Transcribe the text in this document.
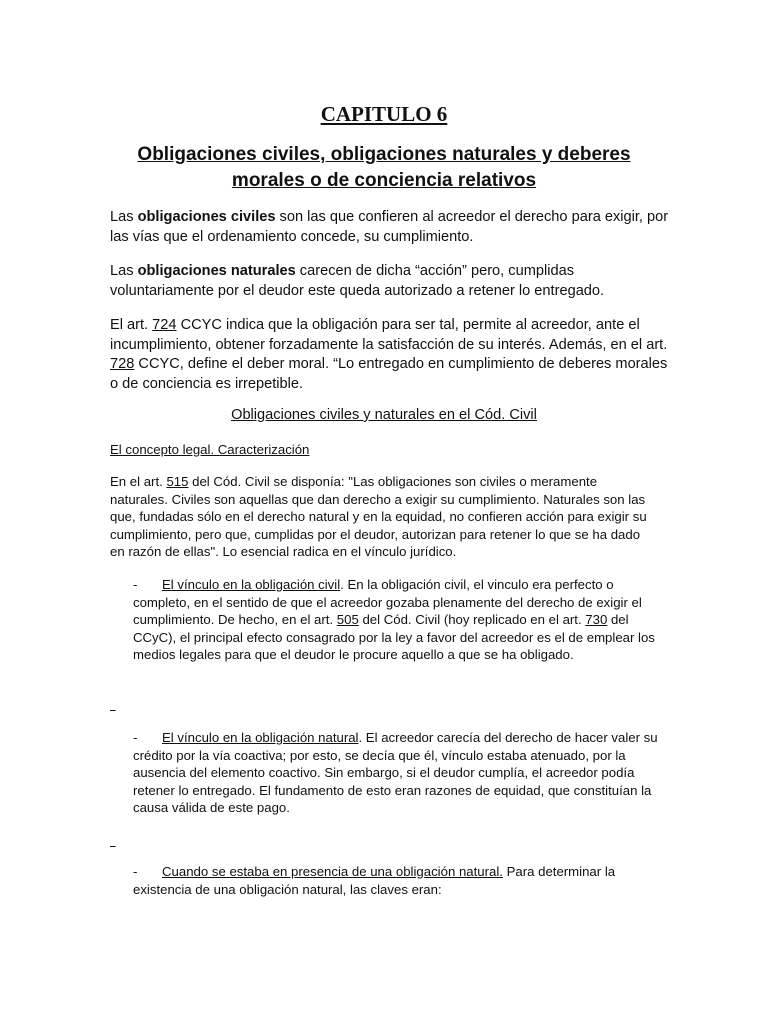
CAPITULO 6
Obligaciones civiles, obligaciones naturales y deberes morales o de conciencia relativos

Las obligaciones civiles son las que confieren al acreedor el derecho para exigir, por las vías que el ordenamiento concede, su cumplimiento.

Las obligaciones naturales carecen de dicha “acción” pero, cumplidas voluntariamente por el deudor este queda autorizado a retener lo entregado.

El art. 724 CCYC indica que la obligación para ser tal, permite al acreedor, ante el incumplimiento, obtener forzadamente la satisfacción de su interés. Además, en el art. 728 CCYC, define el deber moral. “Lo entregado en cumplimiento de deberes morales o de conciencia es irrepetible.

Obligaciones civiles y naturales en el Cód. Civil

El concepto legal. Caracterización

En el art. 515 del Cód. Civil se disponía: "Las obligaciones son civiles o meramente naturales. Civiles son aquellas que dan derecho a exigir su cumplimiento. Naturales son las que, fundadas sólo en el derecho natural y en la equidad, no confieren acción para exigir su cumplimiento, pero que, cumplidas por el deudor, autorizan para retener lo que se ha dado en razón de ellas". Lo esencial radica en el vínculo jurídico.

- El vínculo en la obligación civil. En la obligación civil, el vinculo era perfecto o completo, en el sentido de que el acreedor gozaba plenamente del derecho de exigir el cumplimiento. De hecho, en el art. 505 del Cód. Civil (hoy replicado en el art. 730 del CCyC), el principal efecto consagrado por la ley a favor del acreedor es el de emplear los medios legales para que el deudor le procure aquello a que se ha obligado.

- El vínculo en la obligación natural. El acreedor carecía del derecho de hacer valer su crédito por la vía coactiva; por esto, se decía que él, vínculo estaba atenuado, por la ausencia del elemento coactivo. Sin embargo, si el deudor cumplía, el acreedor podía retener lo entregado. El fundamento de esto eran razones de equidad, que constituían la causa válida de este pago.

- Cuando se estaba en presencia de una obligación natural. Para determinar la existencia de una obligación natural, las claves eran:
